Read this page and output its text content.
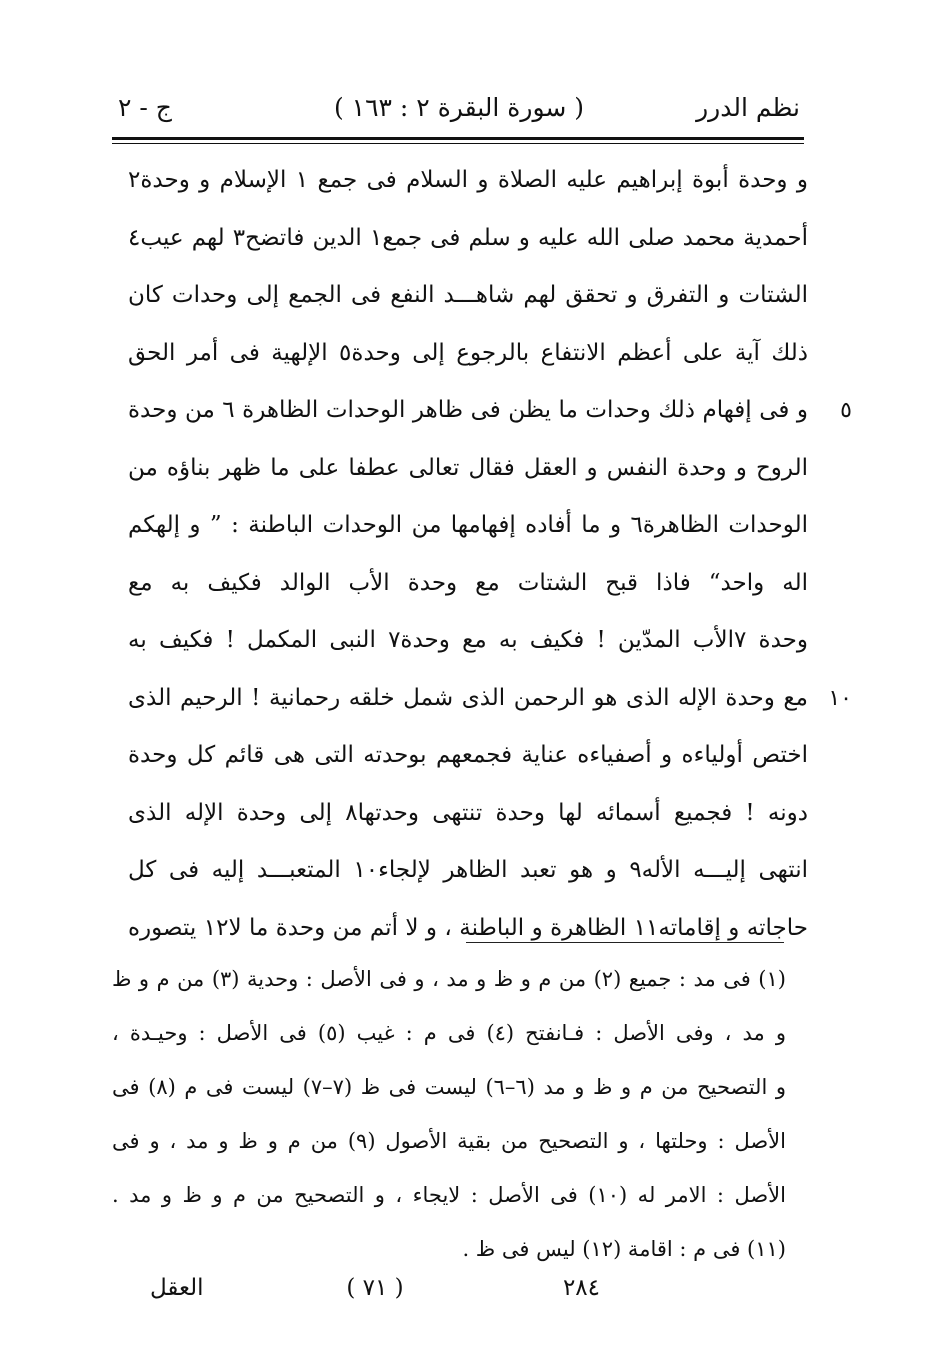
نظم الدرر
( سورة البقرة ٢ : ١٦٣ )
ج - ٢
و وحدة أبوة إبراهيم عليه الصلاة و السلام فى جمع ١ الإسلام و وحدة٢
أحمدية محمد صلى الله عليه و سلم فى جمع١ الدين فاتضح٣ لهم عيب٤
الشتات و التفرق و تحقق لهم شاهـــد النفع فى الجمع إلى وحدات كان
ذلك آية على أعظم الانتفاع بالرجوع إلى وحدة٥ الإلهية فى أمر الحق
و فى إفهام ذلك وحدات ما يظن فى ظاهر الوحدات الظاهرة ٦ من وحدة ٥
الروح و وحدة النفس و العقل فقال تعالى عطفا على ما ظهر بناؤه من
الوحدات الظاهرة٦ و ما أفاده إفهامها من الوحدات الباطنة : ” و إلهكم
اله واحد“ فاذا قبح الشتات مع وحدة الأب الوالد فكيف به مع
وحدة ٧الأب المدّين ! فكيف به مع وحدة٧ النبى المكمل ! فكيف به
مع وحدة الإله الذى هو الرحمن الذى شمل خلقه رحمانية ! الرحيم الذى ١٠
اختص أولياءه و أصفياءه عناية فجمعهم بوحدته التى هى قائم كل وحدة
دونه ! فجميع أسمائه لها وحدة تنتهى وحدتها٨ إلى وحدة الإله الذى
انتهى إليـــه الأله٩ و هو تعبد الظاهر لإلجاء١٠ المتعبـــد إليه فى كل
حاجاته و إقاماته١١ الظاهرة و الباطنة ، و لا أتم من وحدة ما لا١٢ يتصوره
(١) فى مد : جميع (٢) من م و ظ و مد ، و فى الأصل : وحدية (٣) من م و ظ
و مد ، وفى الأصل : فـانفتح (٤) فى م : غيب (٥) فى الأصل : وحيـدة ،
و التصحيح من م و ظ و مد (٦–٦) ليست فى ظ (٧–٧) ليست فى م (٨) فى
الأصل : وحلتها ، و التصحيح من بقية الأصول (٩) من م و ظ و مد ، و فى
الأصل : الامر له (١٠) فى الأصل : لايجاء ، و التصحيح من م و ظ و مد .
(١١) فى م : اقامة (١٢) ليس فى ظ .
٢٨٤
( ٧١ )
العقل
